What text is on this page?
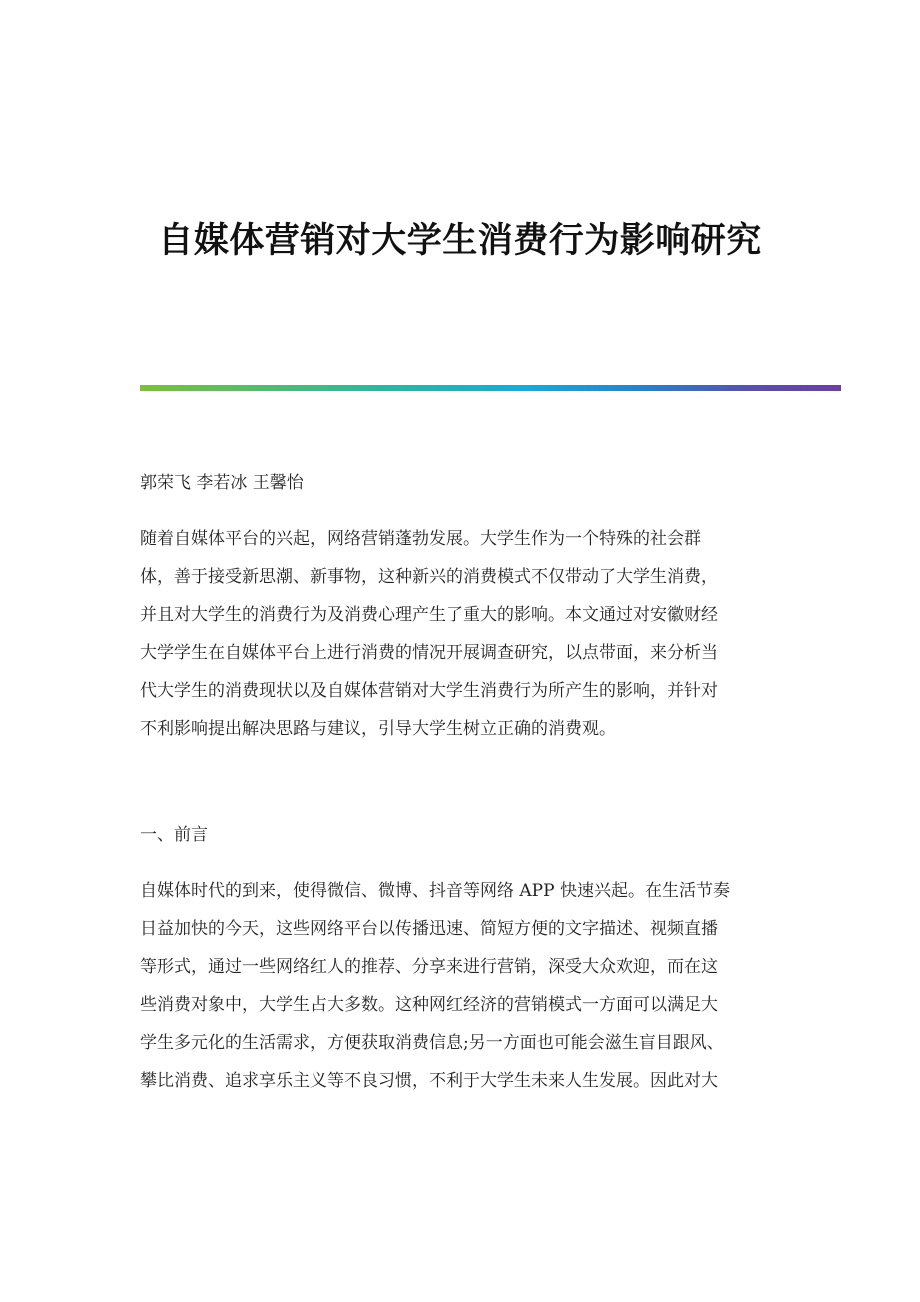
自媒体营销对大学生消费行为影响研究

郭荣飞 李若冰 王馨怡

随着自媒体平台的兴起，网络营销蓬勃发展。大学生作为一个特殊的社会群
体，善于接受新思潮、新事物，这种新兴的消费模式不仅带动了大学生消费，
并且对大学生的消费行为及消费心理产生了重大的影响。本文通过对安徽财经
大学学生在自媒体平台上进行消费的情况开展调查研究，以点带面，来分析当
代大学生的消费现状以及自媒体营销对大学生消费行为所产生的影响，并针对
不利影响提出解决思路与建议，引导大学生树立正确的消费观。

一、前言

自媒体时代的到来，使得微信、微博、抖音等网络 APP 快速兴起。在生活节奏
日益加快的今天，这些网络平台以传播迅速、简短方便的文字描述、视频直播
等形式，通过一些网络红人的推荐、分享来进行营销，深受大众欢迎，而在这
些消费对象中，大学生占大多数。这种网红经济的营销模式一方面可以满足大
学生多元化的生活需求，方便获取消费信息;另一方面也可能会滋生盲目跟风、
攀比消费、追求享乐主义等不良习惯，不利于大学生未来人生发展。因此对大
